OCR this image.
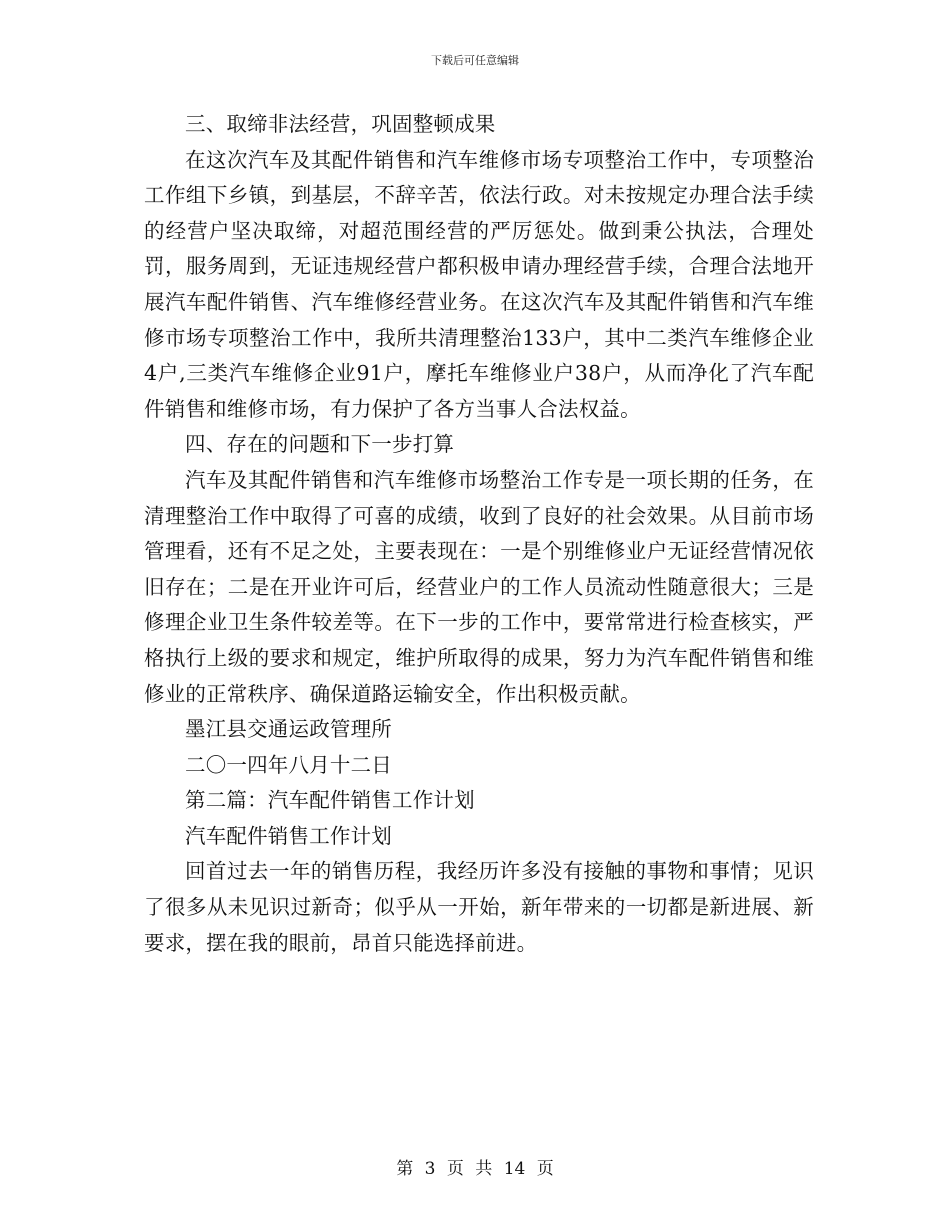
下载后可任意编辑

三、取缔非法经营，巩固整顿成果

在这次汽车及其配件销售和汽车维修市场专项整治工作中，专项整治工作组下乡镇，到基层，不辞辛苦，依法行政。对未按规定办理合法手续的经营户坚决取缔，对超范围经营的严厉惩处。做到秉公执法，合理处罚，服务周到，无证违规经营户都积极申请办理经营手续，合理合法地开展汽车配件销售、汽车维修经营业务。在这次汽车及其配件销售和汽车维修市场专项整治工作中，我所共清理整治133户，其中二类汽车维修企业4户,三类汽车维修企业91户，摩托车维修业户38户，从而净化了汽车配件销售和维修市场，有力保护了各方当事人合法权益。

四、存在的问题和下一步打算

汽车及其配件销售和汽车维修市场整治工作专是一项长期的任务，在清理整治工作中取得了可喜的成绩，收到了良好的社会效果。从目前市场管理看，还有不足之处，主要表现在：一是个别维修业户无证经营情况依旧存在；二是在开业许可后，经营业户的工作人员流动性随意很大；三是修理企业卫生条件较差等。在下一步的工作中，要常常进行检查核实，严格执行上级的要求和规定，维护所取得的成果，努力为汽车配件销售和维修业的正常秩序、确保道路运输安全，作出积极贡献。

墨江县交通运政管理所

二〇一四年八月十二日

第二篇：汽车配件销售工作计划

汽车配件销售工作计划

回首过去一年的销售历程，我经历许多没有接触的事物和事情；见识了很多从未见识过新奇；似乎从一开始，新年带来的一切都是新进展、新要求，摆在我的眼前，昂首只能选择前进。

第 3 页 共 14 页
